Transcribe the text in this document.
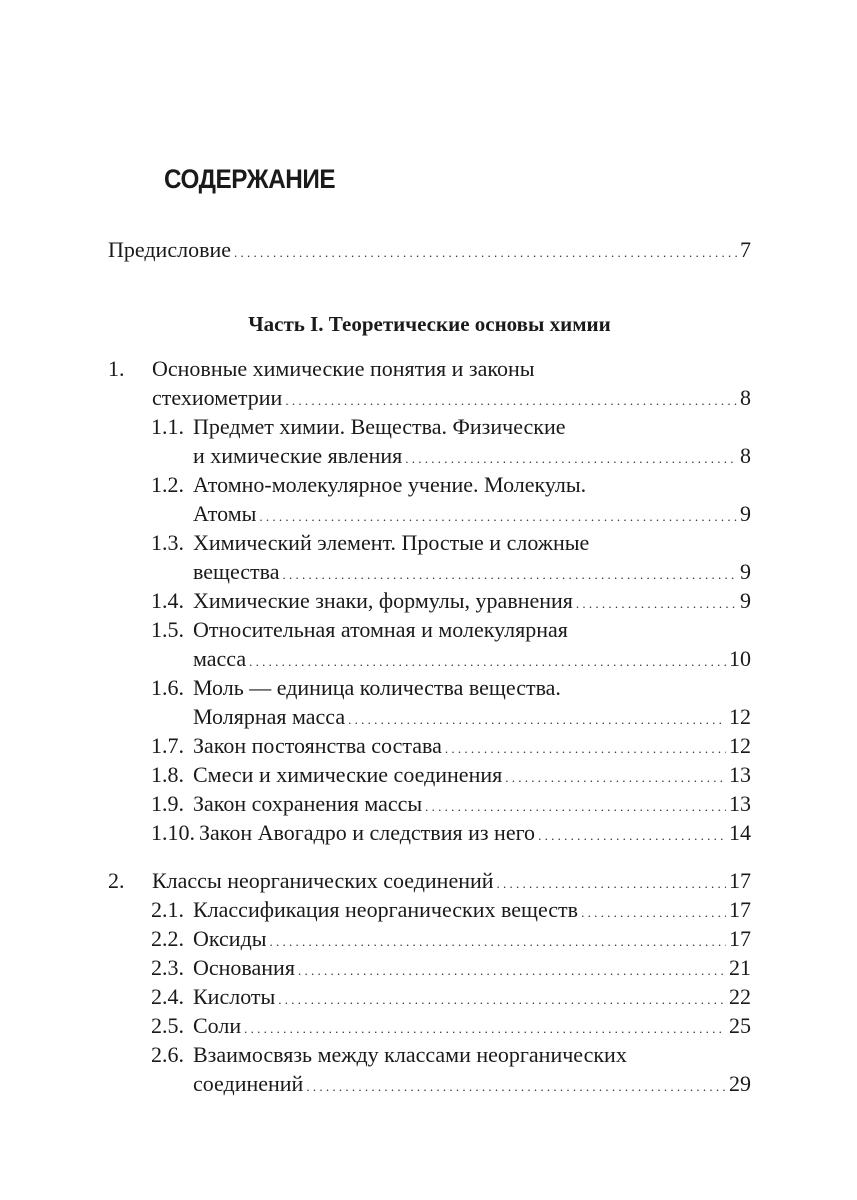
СОДЕРЖАНИЕ
Предисловие . . .	7
Часть I. Теоретические основы химии
1.	Основные химические понятия и законы
стехиометрии . . .	8
1.1. Предмет химии. Вещества. Физические
и химические явления . . .	8
1.2. Атомно-молекулярное учение. Молекулы.
Атомы . . .	9
1.3. Химический элемент. Простые и сложные
вещества . . .	9
1.4. Химические знаки, формулы, уравнения . . .	9
1.5. Относительная атомная и молекулярная
масса . . .	10
1.6. Моль — единица количества вещества.
Молярная масса . . .	12
1.7. Закон постоянства состава . . .	12
1.8. Смеси и химические соединения . . .	13
1.9. Закон сохранения массы . . .	13
1.10. Закон Авогадро и следствия из него . . .	14
2.	Классы неорганических соединений . . .	17
2.1. Классификация неорганических веществ . . .	17
2.2. Оксиды . . .	17
2.3. Основания . . .	21
2.4. Кислоты . . .	22
2.5. Соли . . .	25
2.6. Взаимосвязь между классами неорганических
соединений . . .	29
